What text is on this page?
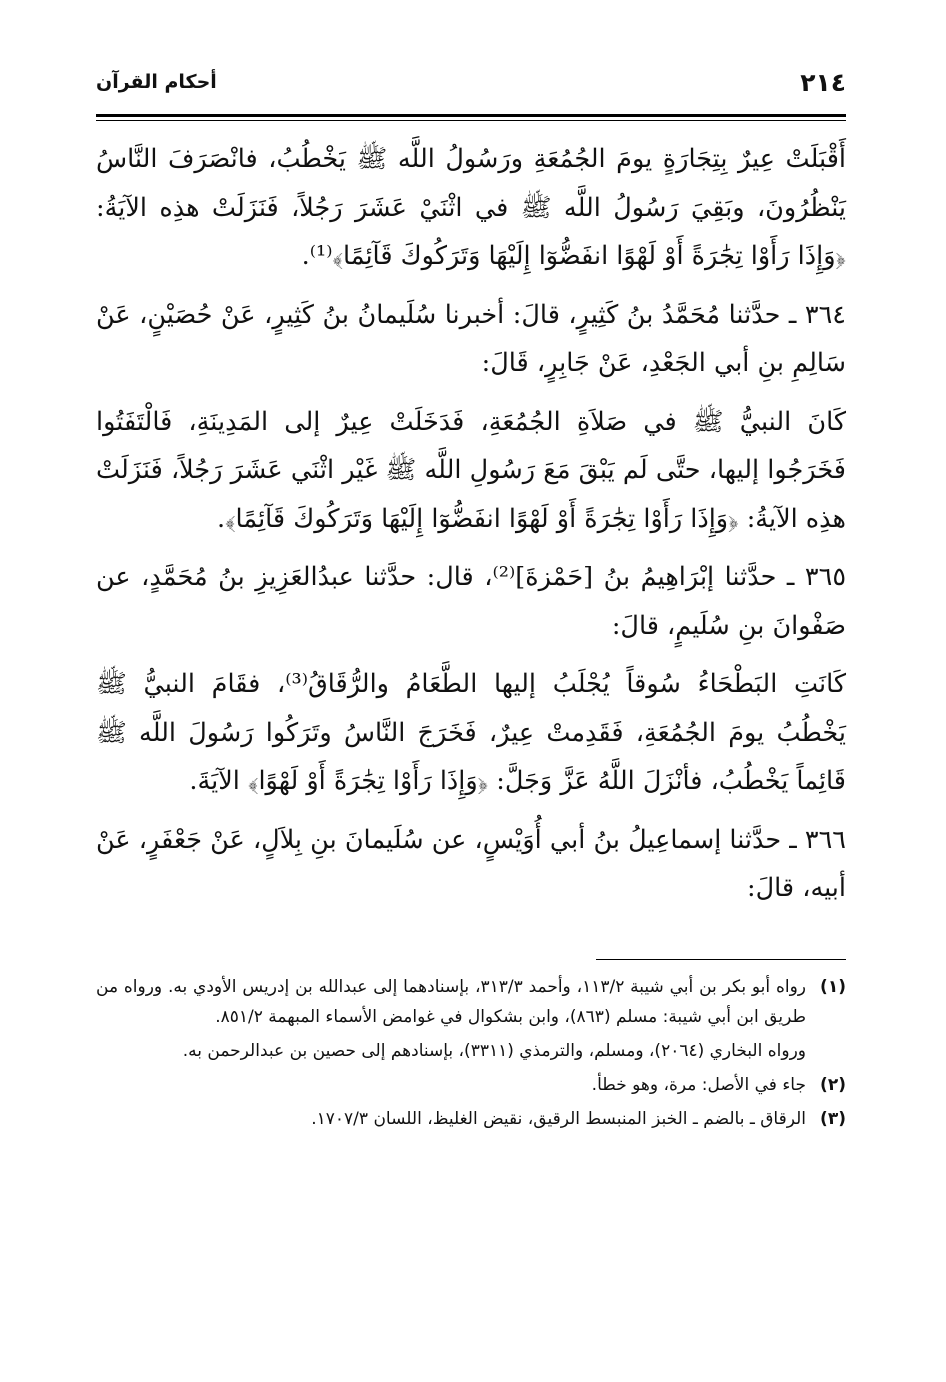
٢١٤
أحكام القرآن

أَقْبَلَتْ عِيرٌ بِتِجَارَةٍ يومَ الجُمُعَةِ ورَسُولُ اللَّه ﷺ يَخْطُبُ، فانْصَرَفَ النَّاسُ يَنْظُرُونَ، وبَقِيَ رَسُولُ اللَّه ﷺ في اثْنَيْ عَشَرَ رَجُلاً، فَنَزَلَتْ هذِه الآيَةُ: ﴿وَإِذَا رَأَوْا تِجَٰرَةً أَوْ لَهْوًا انفَضُّوٓا إِلَيْهَا وَتَرَكُوكَ قَآئِمًا﴾⁽¹⁾.

٣٦٤ ـ حدَّثنا مُحَمَّدُ بنُ كَثِيرٍ، قالَ: أخبرنا سُلَيمانُ بنُ كَثِيرٍ، عَنْ حُصَيْنٍ، عَنْ سَالِمِ بنِ أبي الجَعْدِ، عَنْ جَابِرٍ، قَالَ:

كَانَ النبيُّ ﷺ في صَلاَةِ الجُمُعَةِ، فَدَخَلَتْ عِيرٌ إلى المَدِينَةِ، فَالْتَفَتُوا فَخَرَجُوا إليها، حتَّى لَم يَبْقَ مَعَ رَسُولِ اللَّه ﷺ غَيْر اثْنَي عَشَرَ رَجُلاً، فَنَزَلَتْ هذِه الآيةُ: ﴿وَإِذَا رَأَوْا تِجَٰرَةً أَوْ لَهْوًا انفَضُّوٓا إِلَيْهَا وَتَرَكُوكَ قَآئِمًا﴾.

٣٦٥ ـ حدَّثنا إبْرَاهِيمُ بنُ [حَمْزةَ]⁽²⁾، قال: حدَّثنا عبدُالعَزِيزِ بنُ مُحَمَّدٍ، عن صَفْوانَ بنِ سُلَيمٍ، قالَ:

كَانَتِ البَطْحَاءُ سُوقاً يُجْلَبُ إليها الطَّعَامُ والرُّقَاقُ⁽³⁾، فقَامَ النبيُّ ﷺ يَخْطُبُ يومَ الجُمُعَةِ، فَقَدِمتْ عِيرٌ، فَخَرَجَ النَّاسُ وتَرَكُوا رَسُولَ اللَّه ﷺ قَائِماً يَخْطُبُ، فأنْزَلَ اللَّهُ عَزَّ وَجَلَّ: ﴿وَإِذَا رَأَوْا تِجَٰرَةً أَوْ لَهْوًا﴾ الآيَةَ.

٣٦٦ ـ حدَّثنا إسماعِيلُ بنُ أبي أُوَيْسٍ، عن سُلَيمانَ بنِ بِلاَلٍ، عَنْ جَعْفَرٍ، عَنْ أبيه، قالَ:

(١)
رواه أبو بكر بن أبي شيبة ١١٣/٢، وأحمد ٣١٣/٣، بإسنادهما إلى عبدالله بن إدريس الأودي به. ورواه من طريق ابن أبي شيبة: مسلم (٨٦٣)، وابن بشكوال في غوامض الأسماء المبهمة ٨٥١/٢.
ورواه البخاري (٢٠٦٤)، ومسلم، والترمذي (٣٣١١)، بإسنادهم إلى حصين بن عبدالرحمن به.
(٢)
جاء في الأصل: مرة، وهو خطأ.
(٣)
الرقاق ـ بالضم ـ الخبز المنبسط الرقيق، نقيض الغليظ، اللسان ١٧٠٧/٣.
